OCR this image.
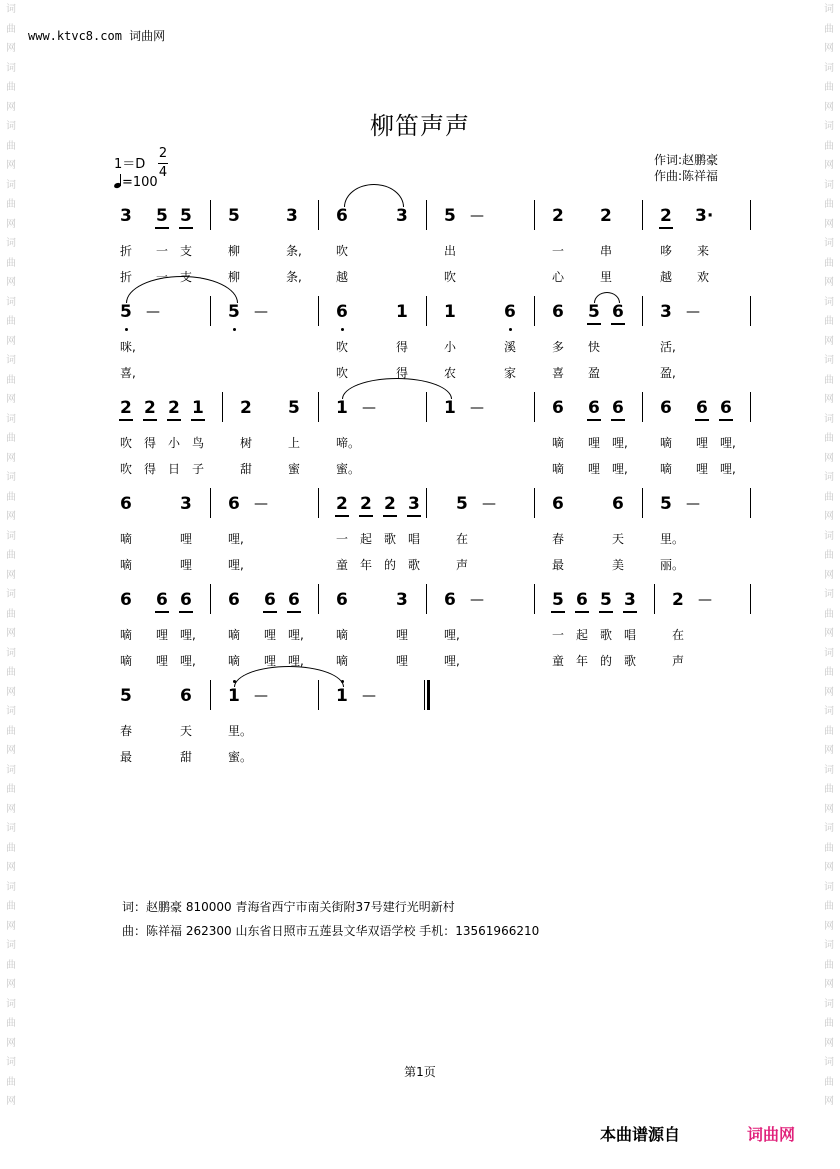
词曲网词曲网词曲网词曲网词曲网词曲网词曲网词曲网词曲网词曲网词曲网词曲网词曲网词曲网词曲网词曲网词曲网词曲网词曲网
词曲网词曲网词曲网词曲网词曲网词曲网词曲网词曲网词曲网词曲网词曲网词曲网词曲网词曲网词曲网词曲网词曲网词曲网词曲网
www.ktvc8.com 词曲网
柳笛声声
1＝D
2
4
=100
作词:赵鹏豪
作曲:陈祥福
3 5 5 5	3 6	3 5	2 2	2 3·
—
折 一 支	柳	条,	吹	出	一	串	哆 来
折 一 支	柳	条,	越	吹	心	里	越 欢
5	5	6	1 1	6 6 5 6 3
—	—	—
咪,	吹	得	小	溪	多 快	活,
喜,	吹	得	农	家	喜 盈	盈,
2 2 2 1 2 5 1	1	6 6 6 6 6 6
—	—
吹 得 小 鸟	树	上	啼。	嘀 哩 哩,	嘀 哩 哩,
吹 得 日 子	甜	蜜	蜜。	嘀 哩 哩,	嘀 哩 哩,
6	3 6	2 2 2 3 5	6	6 5
—	—	—
嘀	哩	哩,	一 起 歌 唱	在	春	天	里。
嘀	哩	哩,	童 年 的 歌	声	最	美	丽。
6 6 6 6 6 6 6	3 6	5 6 5 3 2
—	—
嘀 哩 哩,	嘀 哩 哩,	嘀	哩	哩,	一 起 歌 唱	在
嘀 哩 哩,	嘀 哩 哩,	嘀	哩	哩,	童 年 的 歌	声
5	6 1	1
—	—
春	天	里。
最	甜	蜜。
词：赵鹏豪 810000 青海省西宁市南关街附37号建行光明新村
曲：陈祥福 262300 山东省日照市五莲县文华双语学校 手机：13561966210
第1页
本曲谱源自	词曲网
